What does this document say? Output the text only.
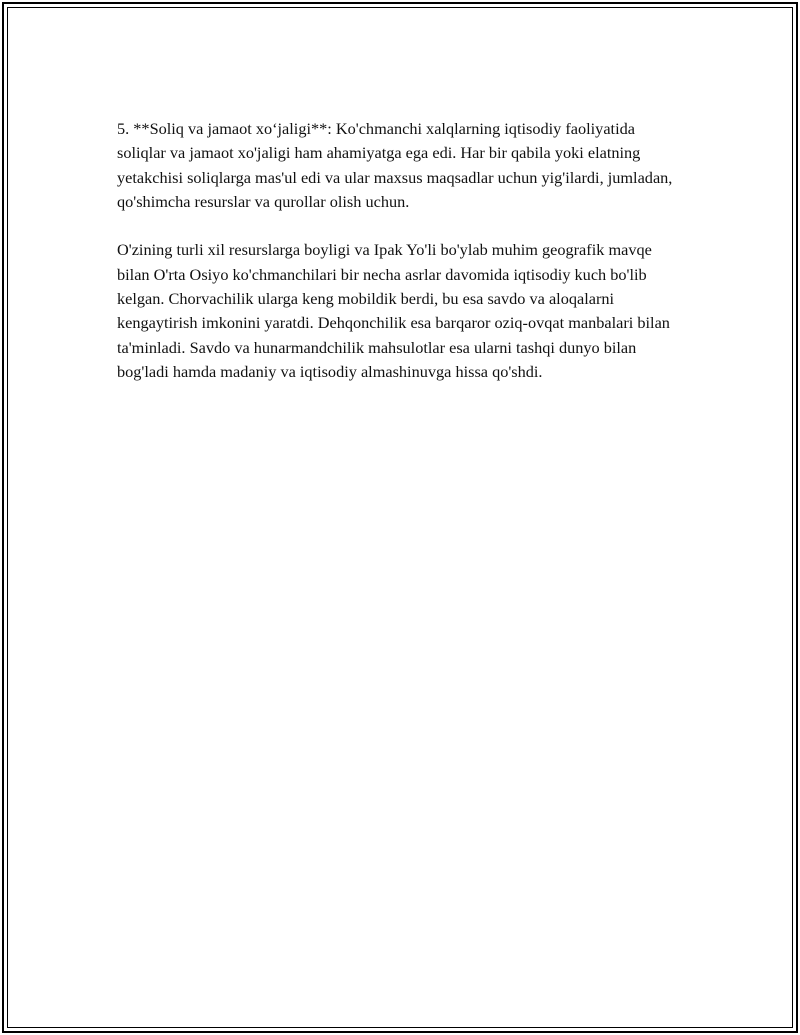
5. **Soliq va jamaot xo‘jaligi**: Ko'chmanchi xalqlarning iqtisodiy faoliyatida soliqlar va jamaot xo'jaligi ham ahamiyatga ega edi. Har bir qabila yoki elatning yetakchisi soliqlarga mas'ul edi va ular maxsus maqsadlar uchun yig'ilardi, jumladan, qo'shimcha resurslar va qurollar olish uchun.

O'zining turli xil resurslarga boyligi va Ipak Yo'li bo'ylab muhim geografik mavqe bilan O'rta Osiyo ko'chmanchilari bir necha asrlar davomida iqtisodiy kuch bo'lib kelgan. Chorvachilik ularga keng mobildik berdi, bu esa savdo va aloqalarni kengaytirish imkonini yaratdi. Dehqonchilik esa barqaror oziq-ovqat manbalari bilan ta'minladi. Savdo va hunarmandchilik mahsulotlar esa ularni tashqi dunyo bilan bog'ladi hamda madaniy va iqtisodiy almashinuvga hissa qo'shdi.
